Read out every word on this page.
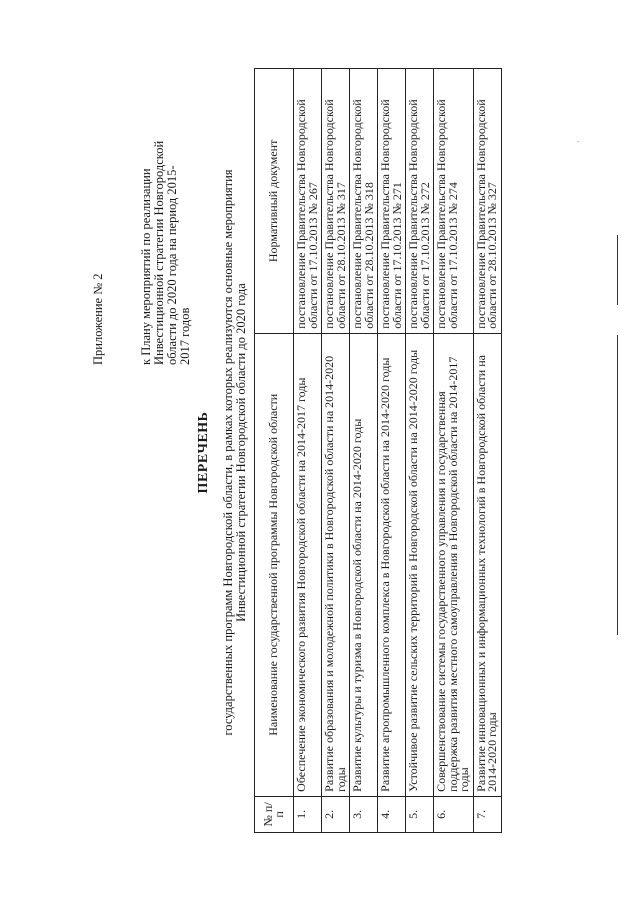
Приложение № 2	к Плану мероприятий по реализации Инвестиционной стратегии Новгородской области до 2020 года на период 2015- 2017 годов
ПЕРЕЧЕНЬ государственных программ Новгородской области, в рамках которых реализуются основные мероприятия Инвестиционной стратегии Новгородской области до 2020 года
№ п/п	Наименование государственной программы Новгородской области	Нормативный документ
1.	Обеспечение экономического развития Новгородской области на 2014-2017 годы	постановление Правительства Новгородской области от 17.10.2013 № 267
2.	Развитие образования и молодежной политики в Новгородской области на 2014-2020 годы	постановление Правительства Новгородской области от 28.10.2013 № 317
3.	Развитие культуры и туризма в Новгородской области на 2014-2020 годы	постановление Правительства Новгородской области от 28.10.2013 № 318
4.	Развитие агропромышленного комплекса в Новгородской области на 2014-2020 годы	постановление Правительства Новгородской области от 17.10.2013 № 271
5.	Устойчивое развитие сельских территорий в Новгородской области на 2014-2020 годы	постановление Правительства Новгородской области от 17.10.2013 № 272
6.	Совершенствование системы государственного управления и государственная поддержка развития местного самоуправления в Новгородской области на 2014-2017 годы	постановление Правительства Новгородской области от 17.10.2013 № 274
7.	Развитие инновационных и информационных технологий в Новгородской области на 2014-2020 годы	постановление Правительства Новгородской области от 28.10.2013 № 327
·
